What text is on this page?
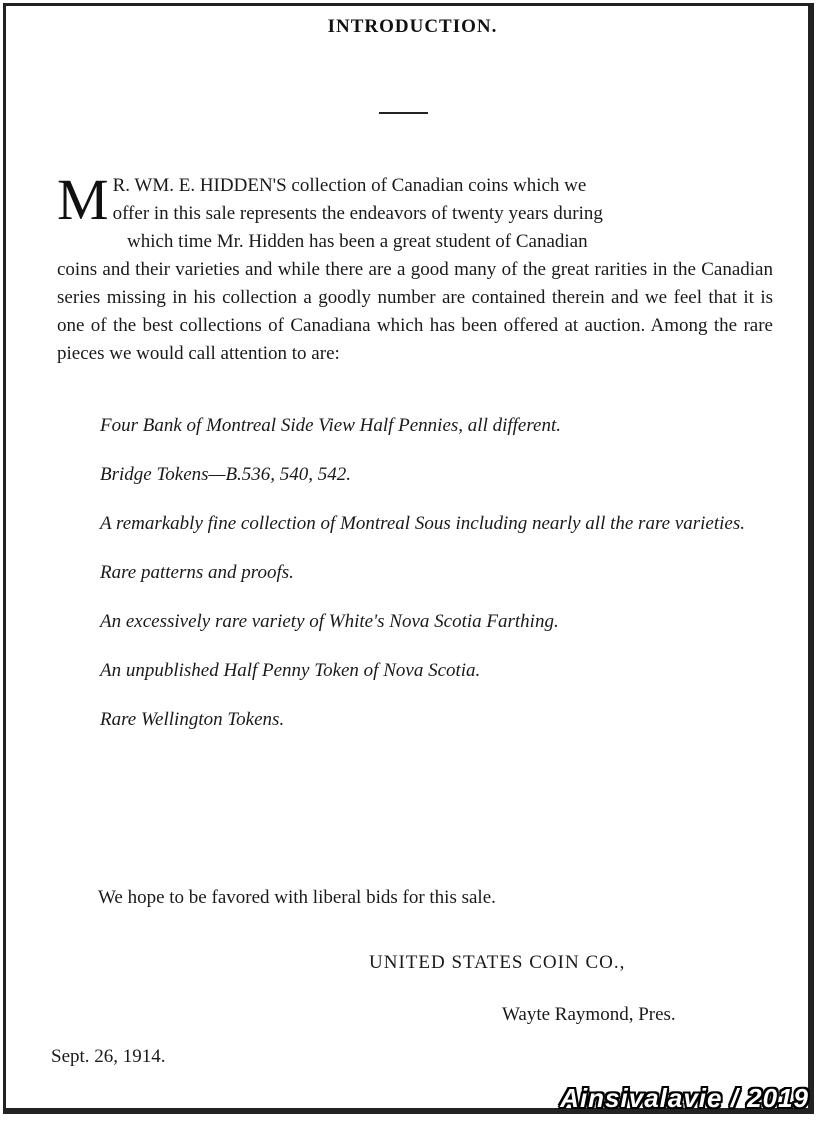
INTRODUCTION.
M R. WM. E. HIDDEN'S collection of Canadian coins which we
offer in this sale represents the endeavors of twenty years during

which time Mr. Hidden has been a great student of Canadian
coins and their varieties and while there are a good many of the great rarities in the Canadian series missing in his collection a goodly number are contained therein and we feel that it is one of the best collections of Canadiana which has been offered at auction. Among the rare pieces we would call attention to are:

Four Bank of Montreal Side View Half Pennies, all different.

Bridge Tokens—B.536, 540, 542.

A remarkably fine collection of Montreal Sous including nearly all the rare varieties.

Rare patterns and proofs.

An excessively rare variety of White's Nova Scotia Farthing.

An unpublished Half Penny Token of Nova Scotia.

Rare Wellington Tokens.

We hope to be favored with liberal bids for this sale.
UNITED STATES COIN CO.,
Wayte Raymond, Pres.
Sept. 26, 1914.
Ainsivalavie / 2019
